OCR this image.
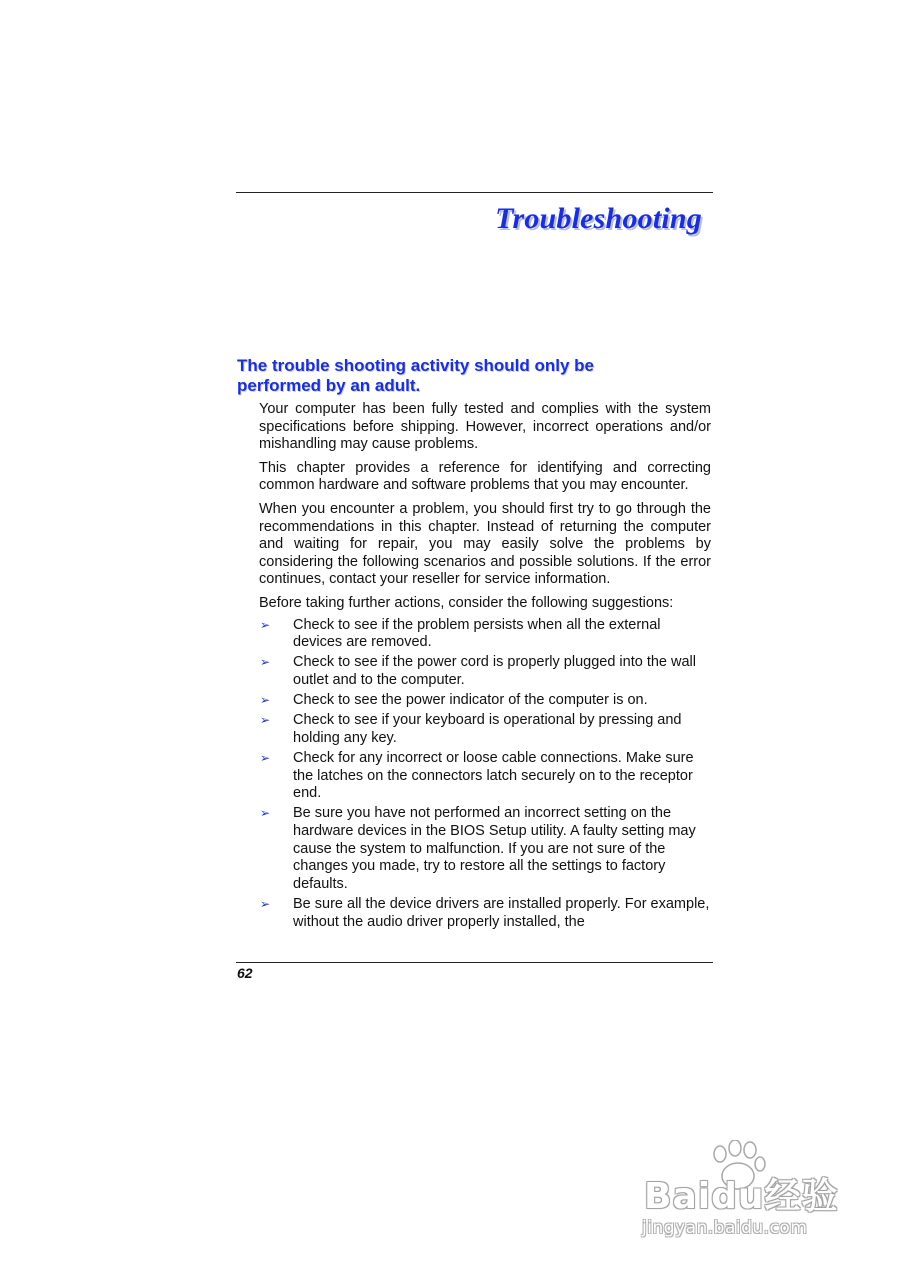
Troubleshooting
The trouble shooting activity should only be performed by an adult.

Your computer has been fully tested and complies with the system specifications before shipping. However, incorrect operations and/or mishandling may cause problems.

This chapter provides a reference for identifying and correcting common hardware and software problems that you may encounter.

When you encounter a problem, you should first try to go through the recommendations in this chapter. Instead of returning the computer and waiting for repair, you may easily solve the problems by considering the following scenarios and possible solutions. If the error continues, contact your reseller for service information.

Before taking further actions, consider the following suggestions:

➢ Check to see if the problem persists when all the external devices are removed.
➢ Check to see if the power cord is properly plugged into the wall outlet and to the computer.
➢ Check to see the power indicator of the computer is on.
➢ Check to see if your keyboard is operational by pressing and holding any key.
➢ Check for any incorrect or loose cable connections. Make sure the latches on the connectors latch securely on to the receptor end.
➢ Be sure you have not performed an incorrect setting on the hardware devices in the BIOS Setup utility. A faulty setting may cause the system to malfunction. If you are not sure of the changes you made, try to restore all the settings to factory defaults.
➢ Be sure all the device drivers are installed properly. For example, without the audio driver properly installed, the
62
Baidu经验
jingyan.baidu.com
